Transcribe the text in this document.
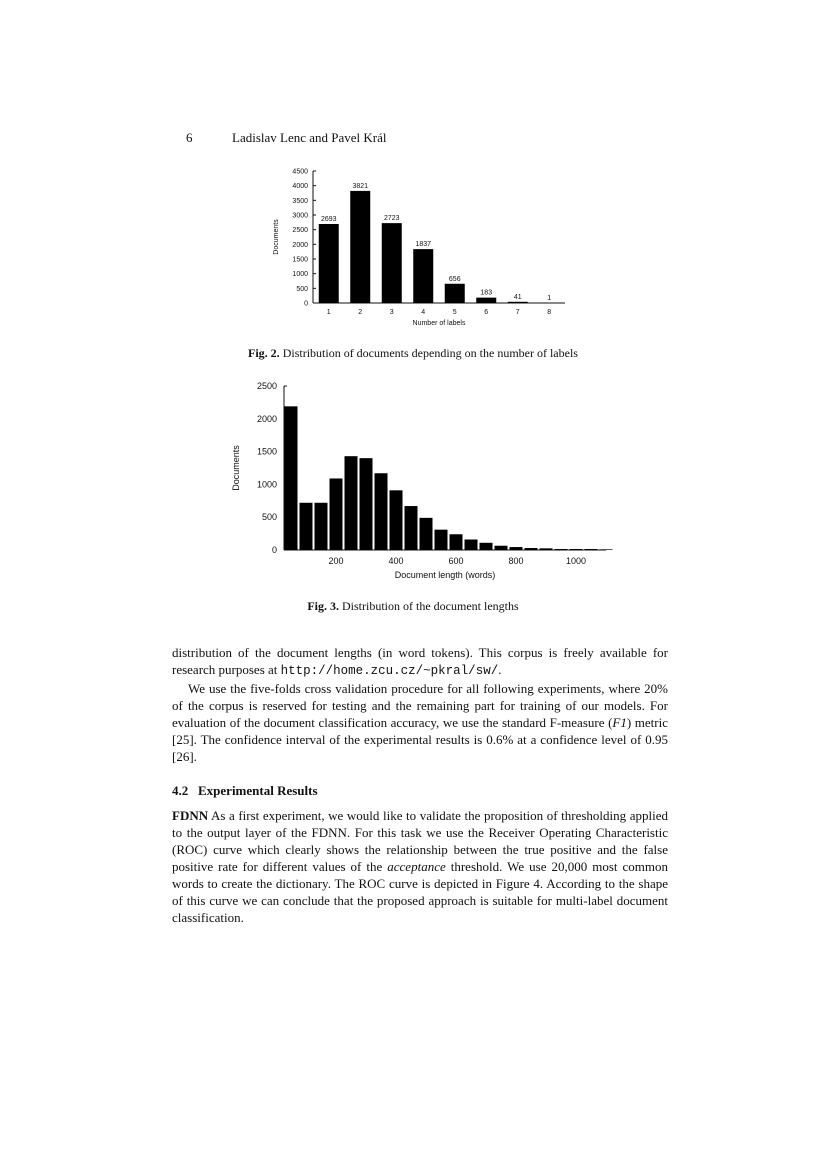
6	Ladislav Lenc and Pavel Král
0
500
1000
1500
2000
2500
3000
3500
4000
4500
2693
1
3821
2
2723
3
1837
4
656
5
183
6
41
7
1
8
Number of labels
Documents
Fig. 2. Distribution of documents depending on the number of labels
0
500
1000
1500
2000
2500
200	400	600	800	1000
Document length (words)
Documents
Fig. 3. Distribution of the document lengths

distribution of the document lengths (in word tokens). This corpus is freely available for research purposes at http://home.zcu.cz/~pkral/sw/.

We use the five-folds cross validation procedure for all following experiments, where 20% of the corpus is reserved for testing and the remaining part for training of our models. For evaluation of the document classification accuracy, we use the standard F-measure (F1) metric [25]. The confidence interval of the experimental results is 0.6% at a confidence level of 0.95 [26].

4.2 Experimental Results

FDNN As a first experiment, we would like to validate the proposition of thresholding applied to the output layer of the FDNN. For this task we use the Receiver Operating Characteristic (ROC) curve which clearly shows the relationship between the true positive and the false positive rate for different values of the acceptance threshold. We use 20,000 most common words to create the dictionary. The ROC curve is depicted in Figure 4. According to the shape of this curve we can conclude that the proposed approach is suitable for multi-label document classification.
